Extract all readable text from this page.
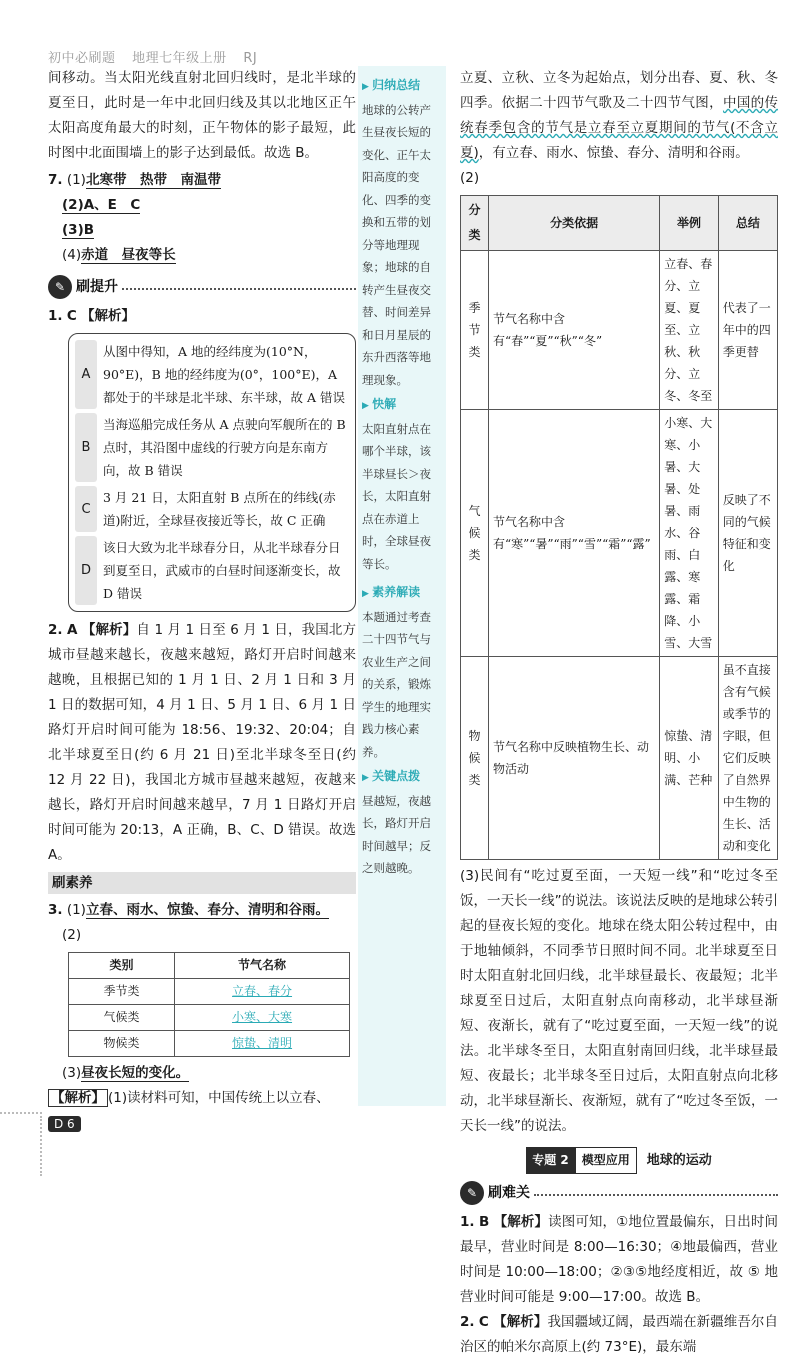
初中必刷题 地理七年级上册 RJ
间移动。当太阳光线直射北回归线时，是北半球的夏至日，此时是一年中北回归线及其以北地区正午太阳高度角最大的时刻，正午物体的影子最短，此时图中北面围墙上的影子达到最低。故选 B。
7. (1)北寒带　热带　南温带
(2)A、E　C
(3)B
(4)赤道　昼夜等长
✎ 刷提升
1. C 【解析】
A
从图中得知，A 地的经纬度为(10°N，90°E)，B 地的经纬度为(0°，100°E)，A 都处于的半球是北半球、东半球，故 A 错误
B
当海巡船完成任务从 A 点驶向军舰所在的 B 点时，其沿图中虚线的行驶方向是东南方向，故 B 错误
C
3 月 21 日，太阳直射 B 点所在的纬线(赤道)附近，全球昼夜接近等长，故 C 正确
D
该日大致为北半球春分日，从北半球春分日到夏至日，武威市的白昼时间逐渐变长，故 D 错误
2. A 【解析】自 1 月 1 日至 6 月 1 日，我国北方城市昼越来越长，夜越来越短，路灯开启时间越来越晚，且根据已知的 1 月 1 日、2 月 1 日和 3 月 1 日的数据可知，4 月 1 日、5 月 1 日、6 月 1 日路灯开启时间可能为 18:56、19:32、20:04；自北半球夏至日(约 6 月 21 日)至北半球冬至日(约 12 月 22 日)，我国北方城市昼越来越短，夜越来越长，路灯开启时间越来越早，7 月 1 日路灯开启时间可能为 20:13，A 正确，B、C、D 错误。故选 A。
刷素养
3. (1)立春、雨水、惊蛰、春分、清明和谷雨。
(2)
类别	节气名称
季节类	立春、春分
气候类	小寒、大寒
物候类	惊蛰、清明
(3)昼夜长短的变化。
【解析】 (1)读材料可知，中国传统上以立春、
▶ 归纳总结
地球的公转产生昼夜长短的变化、正午太阳高度的变化、四季的变换和五带的划分等地理现象；地球的自转产生昼夜交替、时间差异和日月星辰的东升西落等地理现象。
▶ 快解
太阳直射点在哪个半球，该半球昼长＞夜长，太阳直射点在赤道上时，全球昼夜等长。
▶ 素养解读
本题通过考查二十四节气与农业生产之间的关系，锻炼学生的地理实践力核心素养。
▶ 关键点拨
昼越短，夜越长，路灯开启时间越早；反之则越晚。
立夏、立秋、立冬为起始点，划分出春、夏、秋、冬四季。依据二十四节气歌及二十四节气图，中国的传统春季包含的节气是立春至立夏期间的节气(不含立夏)，有立春、雨水、惊蛰、春分、清明和谷雨。
(2)
分类	分类依据	举例	总结
季节类	节气名称中含有“春”“夏”“秋”“冬”	立春、春分、立夏、夏至、立秋、秋分、立冬、冬至	代表了一年中的四季更替
气候类	节气名称中含有“寒”“暑”“雨”“雪”“霜”“露”	小寒、大寒、小暑、大暑、处暑、雨水、谷雨、白露、寒露、霜降、小雪、大雪	反映了不同的气候特征和变化
物候类	节气名称中反映植物生长、动物活动	惊蛰、清明、小满、芒种	虽不直接含有气候或季节的字眼，但它们反映了自然界中生物的生长、活动和变化
(3)民间有“吃过夏至面，一天短一线”和“吃过冬至饭，一天长一线”的说法。该说法反映的是地球公转引起的昼夜长短的变化。地球在绕太阳公转过程中，由于地轴倾斜，不同季节日照时间不同。北半球夏至日时太阳直射北回归线，北半球昼最长、夜最短；北半球夏至日过后，太阳直射点向南移动，北半球昼渐短、夜渐长，就有了“吃过夏至面，一天短一线”的说法。北半球冬至日，太阳直射南回归线，北半球昼最短、夜最长；北半球冬至日过后，太阳直射点向北移动，北半球昼渐长、夜渐短，就有了“吃过冬至饭，一天长一线”的说法。
专题 2	模型应用	地球的运动
✎ 刷难关
1. B 【解析】读图可知，①地位置最偏东，日出时间最早，营业时间是 8:00—16:30；④地最偏西，营业时间是 10:00—18:00；②③⑤地经度相近，故 ⑤ 地营业时间可能是 9:00—17:00。故选 B。
2. C 【解析】我国疆域辽阔，最西端在新疆维吾尔自治区的帕米尔高原上(约 73°E)，最东端
D 6
